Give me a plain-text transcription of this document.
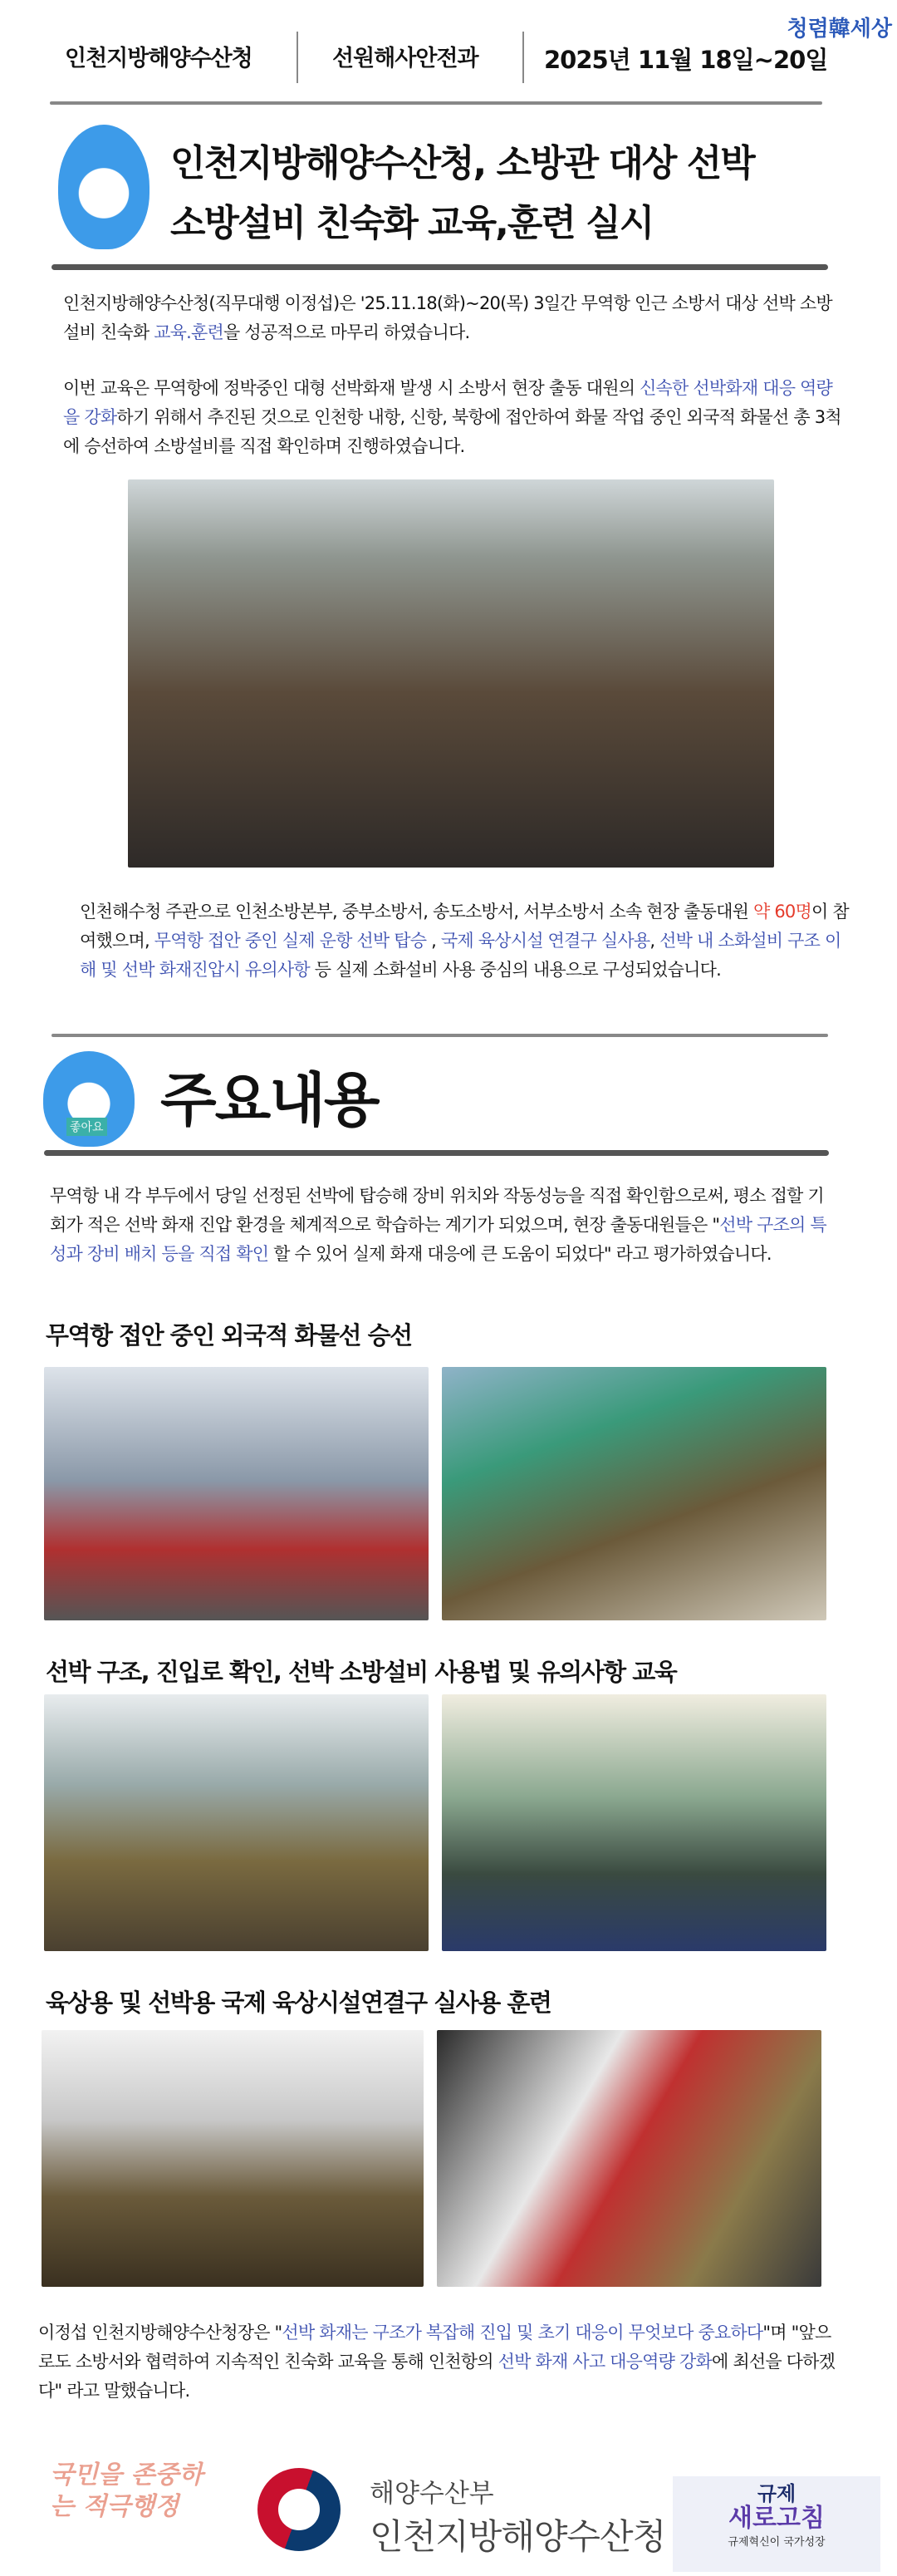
청렴韓세상
인천지방해양수산청	선원해사안전과	2025년 11월 18일~20일
인천지방해양수산청, 소방관 대상 선박
소방설비 친숙화 교육,훈련 실시

인천지방해양수산청(직무대행 이정섭)은 '25.11.18(화)~20(목) 3일간 무역항 인근 소방서 대상 선박 소방설비 친숙화 교육.훈련을 성공적으로 마무리 하였습니다.

이번 교육은 무역항에 정박중인 대형 선박화재 발생 시 소방서 현장 출동 대원의 신속한 선박화재 대응 역량을 강화하기 위해서 추진된 것으로 인천항 내항, 신항, 북항에 접안하여 화물 작업 중인 외국적 화물선 총 3척에 승선하여 소방설비를 직접 확인하며 진행하였습니다.

인천해수청 주관으로 인천소방본부, 중부소방서, 송도소방서, 서부소방서 소속 현장 출동대원 약 60명이 참여했으며, 무역항 접안 중인 실제 운항 선박 탑승 , 국제 육상시설 연결구 실사용, 선박 내 소화설비 구조 이해 및 선박 화재진압시 유의사항 등 실제 소화설비 사용 중심의 내용으로 구성되었습니다.

좋아요 주요내용

무역항 내 각 부두에서 당일 선정된 선박에 탑승해 장비 위치와 작동성능을 직접 확인함으로써, 평소 접할 기회가 적은 선박 화재 진압 환경을 체계적으로 학습하는 계기가 되었으며, 현장 출동대원들은 "선박 구조의 특성과 장비 배치 등을 직접 확인 할 수 있어 실제 화재 대응에 큰 도움이 되었다" 라고 평가하였습니다.

무역항 접안 중인 외국적 화물선 승선
선박 구조, 진입로 확인, 선박 소방설비 사용법 및 유의사항 교육
육상용 및 선박용 국제 육상시설연결구 실사용 훈련

이정섭 인천지방해양수산청장은 "선박 화재는 구조가 복잡해 진입 및 초기 대응이 무엇보다 중요하다"며 "앞으로도 소방서와 협력하여 지속적인 친숙화 교육을 통해 인천항의 선박 화재 사고 대응역량 강화에 최선을 다하겠다" 라고 말했습니다.

국민을 존중하는 적극행정	해양수산부
인천지방해양수산청
규제
새로고침
규제혁신이 국가성장
